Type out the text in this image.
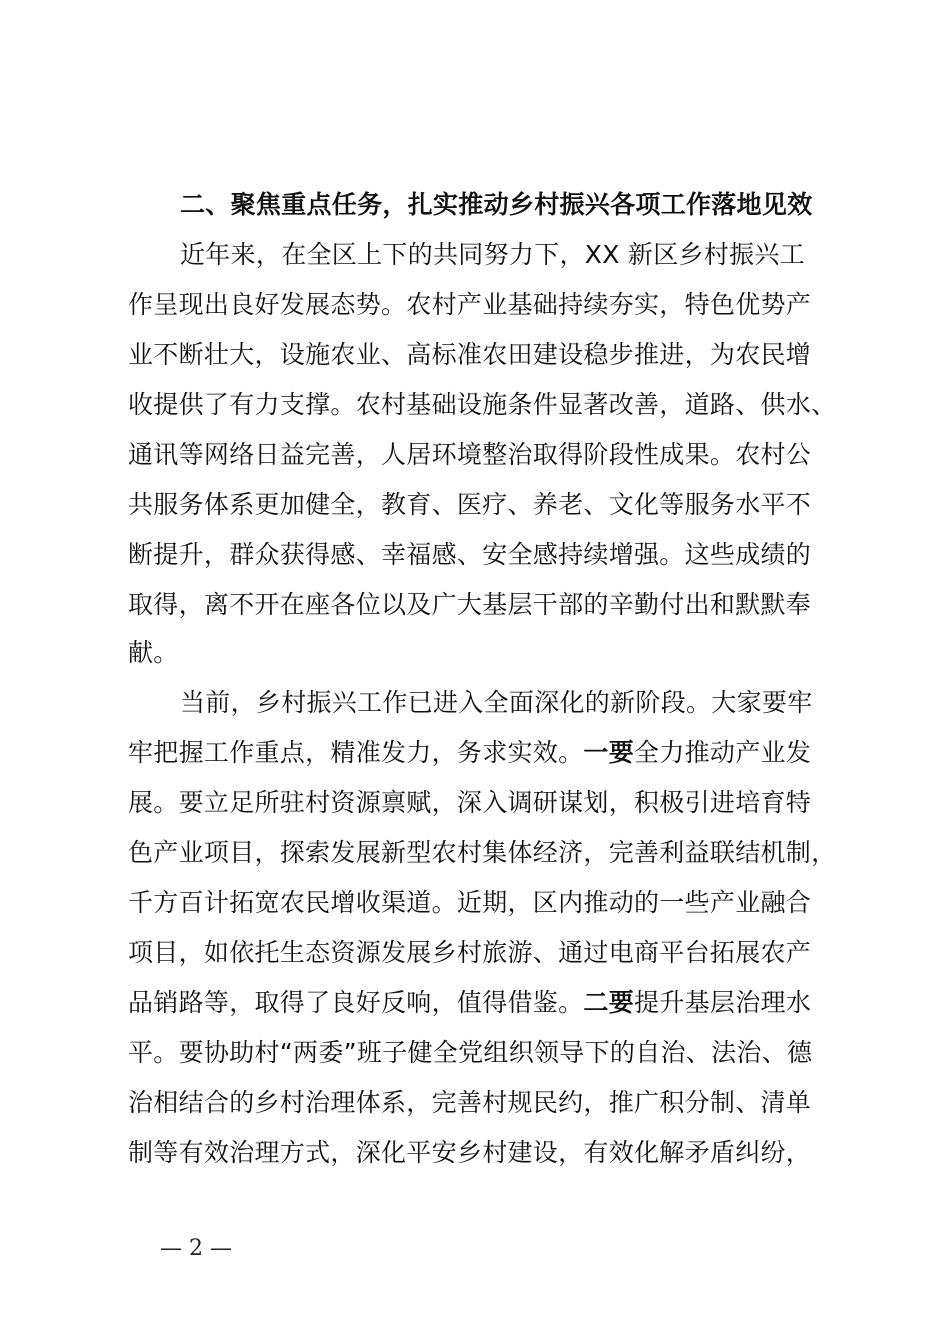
二、聚焦重点任务，扎实推动乡村振兴各项工作落地见效
近年来，在全区上下的共同努力下，XX 新区乡村振兴工
作呈现出良好发展态势。农村产业基础持续夯实，特色优势产
业不断壮大，设施农业、高标准农田建设稳步推进，为农民增
收提供了有力支撑。农村基础设施条件显著改善，道路、供水、
通讯等网络日益完善，人居环境整治取得阶段性成果。农村公
共服务体系更加健全，教育、医疗、养老、文化等服务水平不
断提升，群众获得感、幸福感、安全感持续增强。这些成绩的
取得，离不开在座各位以及广大基层干部的辛勤付出和默默奉
献。
当前，乡村振兴工作已进入全面深化的新阶段。大家要牢
牢把握工作重点，精准发力，务求实效。一要全力推动产业发
展。要立足所驻村资源禀赋，深入调研谋划，积极引进培育特
色产业项目，探索发展新型农村集体经济，完善利益联结机制，
千方百计拓宽农民增收渠道。近期，区内推动的一些产业融合
项目，如依托生态资源发展乡村旅游、通过电商平台拓展农产
品销路等，取得了良好反响，值得借鉴。二要提升基层治理水
平。要协助村“两委”班子健全党组织领导下的自治、法治、德
治相结合的乡村治理体系，完善村规民约，推广积分制、清单
制等有效治理方式，深化平安乡村建设，有效化解矛盾纠纷，
— 2 —
